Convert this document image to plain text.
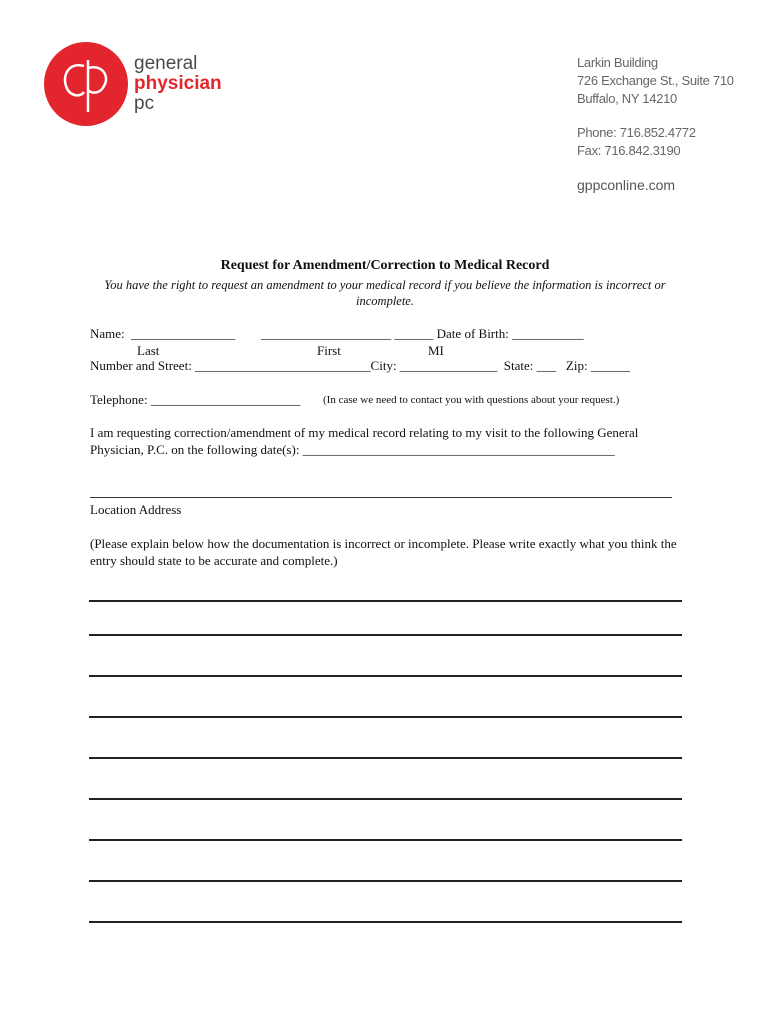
general
physician
pc
Larkin Building
726 Exchange St., Suite 710
Buffalo, NY 14210
Phone: 716.852.4772
Fax: 716.842.3190
gppconline.com
Request for Amendment/Correction to Medical Record
You have the right to request an amendment to your medical record if you believe the information is incorrect or incomplete.
Name:  ________________        ____________________ ______ Date of Birth: ___________
Last	First	MI
Number and Street: ___________________________City: _______________  State: ___   Zip: ______
Telephone: _______________________ (In case we need to contact you with questions about your request.)
I am requesting correction/amendment of my medical record relating to my visit to the following General Physician, P.C. on the following date(s): ________________________________________________
Location Address
(Please explain below how the documentation is incorrect or incomplete. Please write exactly what you think the entry should state to be accurate and complete.)
